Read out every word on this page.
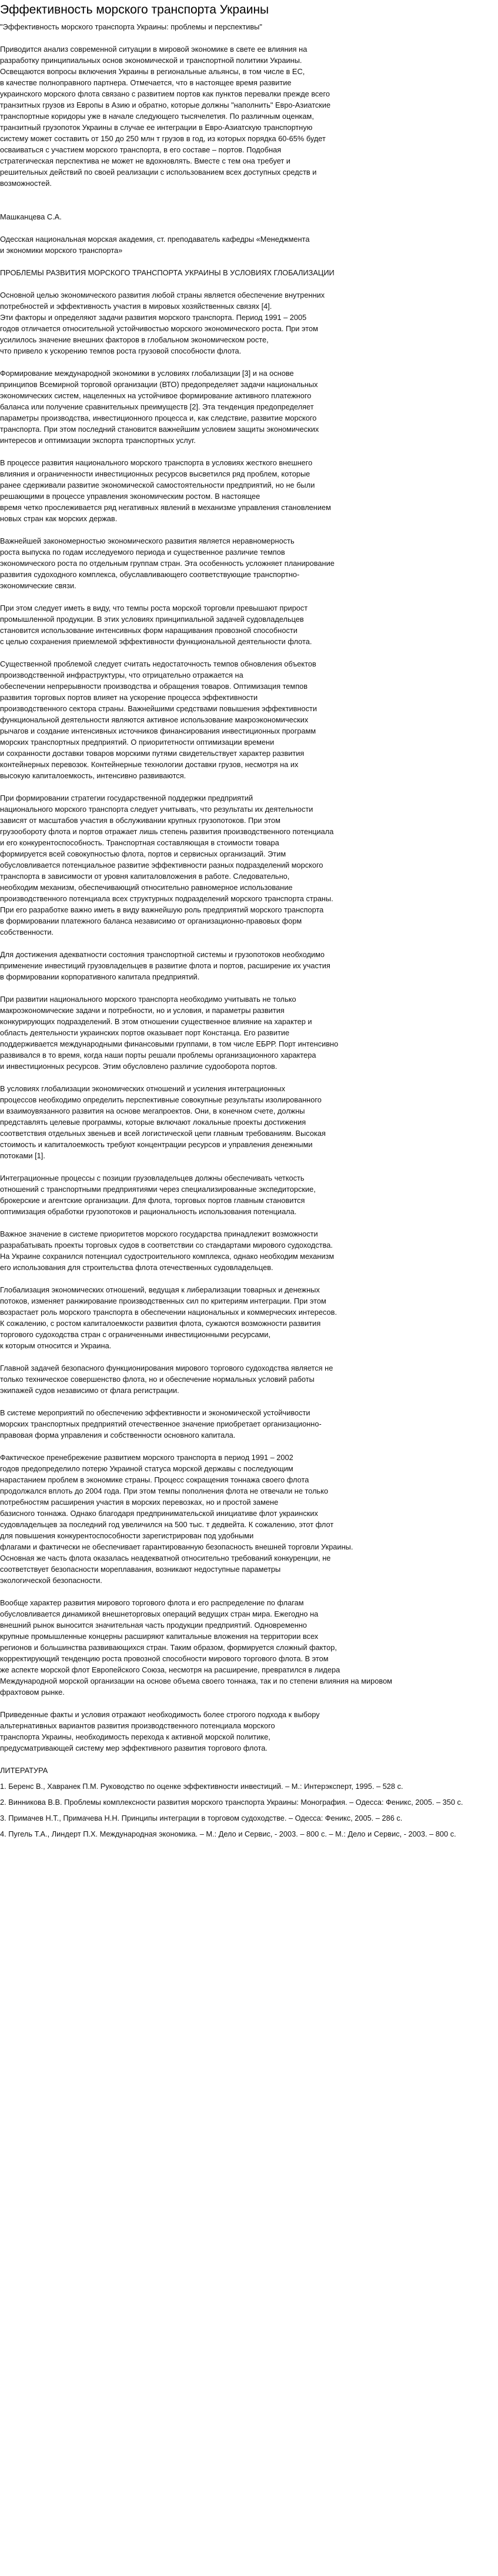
Эффективность морского транспорта Украины
"Эффективность морского транспорта Украины: проблемы и перспективы"
Приводится анализ современной ситуации в мировой экономике в свете ее влияния на
разработку принципиальных основ экономической и транспортной политики Украины.
Освещаются вопросы включения Украины в региональные альянсы, в том числе в ЕС,
в качестве полноправного партнера. Отмечается, что в настоящее время развитие
украинского морского флота связано с развитием портов как пунктов перевалки прежде всего
транзитных грузов из Европы в Азию и обратно, которые должны "наполнить" Евро-Азиатские
транспортные коридоры уже в начале следующего тысячелетия. По различным оценкам,
транзитный грузопоток Украины в случае ее интеграции в Евро-Азиатскую транспортную
систему может составить от 150 до 250 млн т грузов в год, из которых порядка 60-65% будет
осваиваться с участием морского транспорта, в его составе – портов. Подобная
стратегическая перспектива не может не вдохновлять. Вместе с тем она требует и
решительных действий по своей реализации с использованием всех доступных средств и
возможностей.
Машканцева С.А.
Одесская национальная морская академия, ст. преподаватель кафедры «Менеджмента
и экономики морского транспорта»
ПРОБЛЕМЫ РАЗВИТИЯ МОРСКОГО ТРАНСПОРТА УКРАИНЫ В УСЛОВИЯХ ГЛОБАЛИЗАЦИИ
Основной целью экономического развития любой страны является обеспечение внутренних
потребностей и эффективность участия в мировых хозяйственных связях [4].
Эти факторы и определяют задачи развития морского транспорта. Период 1991 – 2005
годов отличается относительной устойчивостью морского экономического роста. При этом
усилилось значение внешних факторов в глобальном экономическом росте,
что привело к ускорению темпов роста грузовой способности флота.
Формирование международной экономики в условиях глобализации [3] и на основе
принципов Всемирной торговой организации (ВТО) предопределяет задачи национальных
экономических систем, нацеленных на устойчивое формирование активного платежного
баланса или получение сравнительных преимуществ [2]. Эта тенденция предопределяет
параметры производства, инвестиционного процесса и, как следствие, развитие морского
транспорта. При этом последний становится важнейшим условием защиты экономических
интересов и оптимизации экспорта транспортных услуг.
В процессе развития национального морского транспорта в условиях жесткого внешнего
влияния и ограниченности инвестиционных ресурсов высветился ряд проблем, которые
ранее сдерживали развитие экономической самостоятельности предприятий, но не были
решающими в процессе управления экономическим ростом. В настоящее
время четко прослеживается ряд негативных явлений в механизме управления становлением
новых стран как морских держав.
Важнейшей закономерностью экономического развития является неравномерность
роста выпуска по годам исследуемого периода и существенное различие темпов
экономического роста по отдельным группам стран. Эта особенность усложняет планирование
развития судоходного комплекса, обуславливающего соответствующие транспортно-
экономические связи.
При этом следует иметь в виду, что темпы роста морской торговли превышают прирост
промышленной продукции. В этих условиях принципиальной задачей судовладельцев
становится использование интенсивных форм наращивания провозной способности
с целью сохранения приемлемой эффективности функциональной деятельности флота.
Существенной проблемой следует считать недостаточность темпов обновления объектов
производственной инфраструктуры, что отрицательно отражается на
обеспечении непрерывности производства и обращения товаров. Оптимизация темпов
развития торговых портов влияет на ускорение процесса эффективности
производственного сектора страны. Важнейшими средствами повышения эффективности
функциональной деятельности являются активное использование макроэкономических
рычагов и создание интенсивных источников финансирования инвестиционных программ
морских транспортных предприятий. О приоритетности оптимизации времени
и сохранности доставки товаров морскими путями свидетельствует характер развития
контейнерных перевозок. Контейнерные технологии доставки грузов, несмотря на их
высокую капиталоемкость, интенсивно развиваются.
При формировании стратегии государственной поддержки предприятий
национального морского транспорта следует учитывать, что результаты их деятельности
зависят от масштабов участия в обслуживании крупных грузопотоков. При этом
грузообороту флота и портов отражает лишь степень развития производственного потенциала
и его конкурентоспособность. Транспортная составляющая в стоимости товара
формируется всей совокупностью флота, портов и сервисных организаций. Этим
обусловливается потенциальное развитие эффективности разных подразделений морского
транспорта в зависимости от уровня капиталовложения в работе. Следовательно,
необходим механизм, обеспечивающий относительно равномерное использование
производственного потенциала всех структурных подразделений морского транспорта страны.
При его разработке важно иметь в виду важнейшую роль предприятий морского транспорта
в формировании платежного баланса независимо от организационно-правовых форм
собственности.
Для достижения адекватности состояния транспортной системы и грузопотоков необходимо
применение инвестиций грузовладельцев в развитие флота и портов, расширение их участия
в формировании корпоративного капитала предприятий.
При развитии национального морского транспорта необходимо учитывать не только
макроэкономические задачи и потребности, но и условия, и параметры развития
конкурирующих подразделений. В этом отношении существенное влияние на характер и
область деятельности украинских портов оказывает порт Констанца. Его развитие
поддерживается международными финансовыми группами, в том числе ЕБРР. Порт интенсивно
развивался в то время, когда наши порты решали проблемы организационного характера
и инвестиционных ресурсов. Этим обусловлено различие судооборота портов.
В условиях глобализации экономических отношений и усиления интеграционных
процессов необходимо определить перспективные совокупные результаты изолированного
и взаимоувязанного развития на основе мегапроектов. Они, в конечном счете, должны
представлять целевые программы, которые включают локальные проекты достижения
соответствия отдельных звеньев и всей логистической цепи главным требованиям. Высокая
стоимость и капиталоемкость требуют концентрации ресурсов и управления денежными
потоками [1].
Интеграционные процессы с позиции грузовладельцев должны обеспечивать четкость
отношений с транспортными предприятиями через специализированные экспедиторские,
брокерские и агентские организации. Для флота, торговых портов главным становится
оптимизация обработки грузопотоков и рациональность использования потенциала.
Важное значение в системе приоритетов морского государства принадлежит возможности
разрабатывать проекты торговых судов в соответствии со стандартами мирового судоходства.
На Украине сохранился потенциал судостроительного комплекса, однако необходим механизм
его использования для строительства флота отечественных судовладельцев.
Глобализация экономических отношений, ведущая к либерализации товарных и денежных
потоков, изменяет ранжирование производственных сил по критериям интеграции. При этом
возрастает роль морского транспорта в обеспечении национальных и коммерческих интересов.
К сожалению, с ростом капиталоемкости развития флота, сужаются возможности развития
торгового судоходства стран с ограниченными инвестиционными ресурсами,
к которым относится и Украина.
Главной задачей безопасного функционирования мирового торгового судоходства является не
только техническое совершенство флота, но и обеспечение нормальных условий работы
экипажей судов независимо от флага регистрации.
В системе мероприятий по обеспечению эффективности и экономической устойчивости
морских транспортных предприятий отечественное значение приобретает организационно-
правовая форма управления и собственности основного капитала.
Фактическое пренебрежение развитием морского транспорта в период 1991 – 2002
годов предопределило потерю Украиной статуса морской державы с последующим
нарастанием проблем в экономике страны. Процесс сокращения тоннажа своего флота
продолжался вплоть до 2004 года. При этом темпы пополнения флота не отвечали не только
потребностям расширения участия в морских перевозках, но и простой замене
базисного тоннажа. Однако благодаря предпринимательской инициативе флот украинских
судовладельцев за последний год увеличился на 500 тыс. т дедвейта. К сожалению, этот флот
для повышения конкурентоспособности зарегистрирован под удобными
флагами и фактически не обеспечивает гарантированную безопасность внешней торговли Украины.
Основная же часть флота оказалась неадекватной относительно требований конкуренции, не
соответствует безопасности мореплавания, возникают недоступные параметры
экологической безопасности.
Вообще характер развития мирового торгового флота и его распределение по флагам
обусловливается динамикой внешнеторговых операций ведущих стран мира. Ежегодно на
внешний рынок выносится значительная часть продукции предприятий. Одновременно
крупные промышленные концерны расширяют капитальные вложения на территории всех
регионов и большинства развивающихся стран. Таким образом, формируется сложный фактор,
корректирующий тенденцию роста провозной способности мирового торгового флота. В этом
же аспекте морской флот Европейского Союза, несмотря на расширение, превратился в лидера
Международной морской организации на основе объема своего тоннажа, так и по степени влияния на мировом
фрахтовом рынке.
Приведенные факты и условия отражают необходимость более строгого подхода к выбору
альтернативных вариантов развития производственного потенциала морского
транспорта Украины, необходимость перехода к активной морской политике,
предусматривающей систему мер эффективного развития торгового флота.
ЛИТЕРАТУРА
1. Беренс В., Хавранек П.М. Руководство по оценке эффективности инвестиций. – М.: Интерэксперт, 1995. – 528 с.
2. Винникова В.В. Проблемы комплексности развития морского транспорта Украины: Монография. – Одесса: Феникс, 2005. – 350 с.
3. Примачев Н.Т., Примачева Н.Н. Принципы интеграции в торговом судоходстве. – Одесса: Феникс, 2005. – 286 с.
4. Пугель Т.А., Линдерт П.Х. Международная экономика. – М.: Дело и Сервис, - 2003. – 800 с. – М.: Дело и Сервис, - 2003. – 800 с.
